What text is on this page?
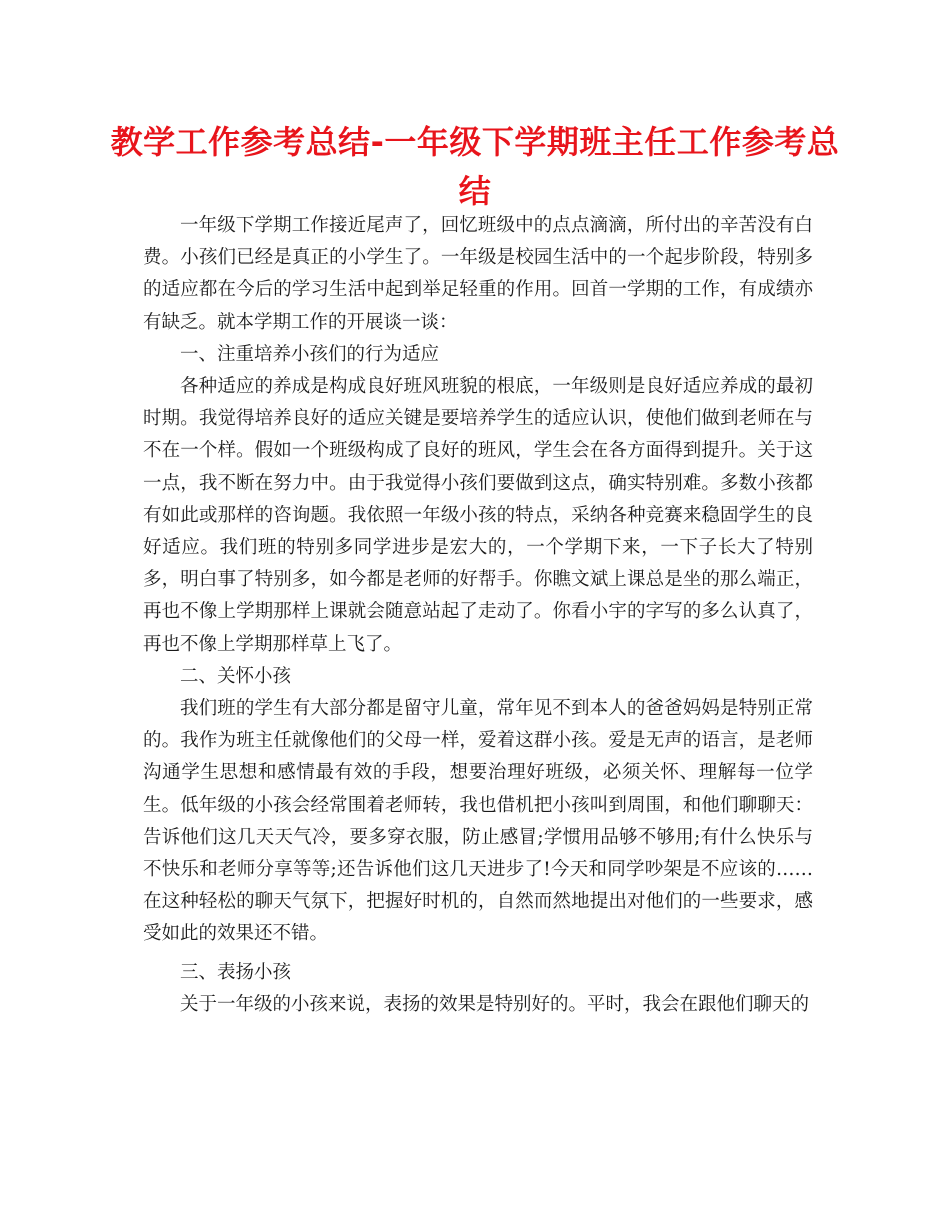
教学工作参考总结-一年级下学期班主任工作参考总结

一年级下学期工作接近尾声了，回忆班级中的点点滴滴，所付出的辛苦没有白费。小孩们已经是真正的小学生了。一年级是校园生活中的一个起步阶段，特别多的适应都在今后的学习生活中起到举足轻重的作用。回首一学期的工作，有成绩亦有缺乏。就本学期工作的开展谈一谈：

一、注重培养小孩们的行为适应

各种适应的养成是构成良好班风班貌的根底，一年级则是良好适应养成的最初时期。我觉得培养良好的适应关键是要培养学生的适应认识，使他们做到老师在与不在一个样。假如一个班级构成了良好的班风，学生会在各方面得到提升。关于这一点，我不断在努力中。由于我觉得小孩们要做到这点，确实特别难。多数小孩都有如此或那样的咨询题。我依照一年级小孩的特点，采纳各种竞赛来稳固学生的良好适应。我们班的特别多同学进步是宏大的，一个学期下来，一下子长大了特别多，明白事了特别多，如今都是老师的好帮手。你瞧文斌上课总是坐的那么端正，再也不像上学期那样上课就会随意站起了走动了。你看小宇的字写的多么认真了，再也不像上学期那样草上飞了。

二、关怀小孩

我们班的学生有大部分都是留守儿童，常年见不到本人的爸爸妈妈是特别正常的。我作为班主任就像他们的父母一样，爱着这群小孩。爱是无声的语言，是老师沟通学生思想和感情最有效的手段，想要治理好班级，必须关怀、理解每一位学生。低年级的小孩会经常围着老师转，我也借机把小孩叫到周围，和他们聊聊天：告诉他们这几天天气冷，要多穿衣服，防止感冒;学惯用品够不够用;有什么快乐与不快乐和老师分享等等;还告诉他们这几天进步了!今天和同学吵架是不应该的……在这种轻松的聊天气氛下，把握好时机的，自然而然地提出对他们的一些要求，感受如此的效果还不错。

三、表扬小孩

关于一年级的小孩来说，表扬的效果是特别好的。平时，我会在跟他们聊天的
